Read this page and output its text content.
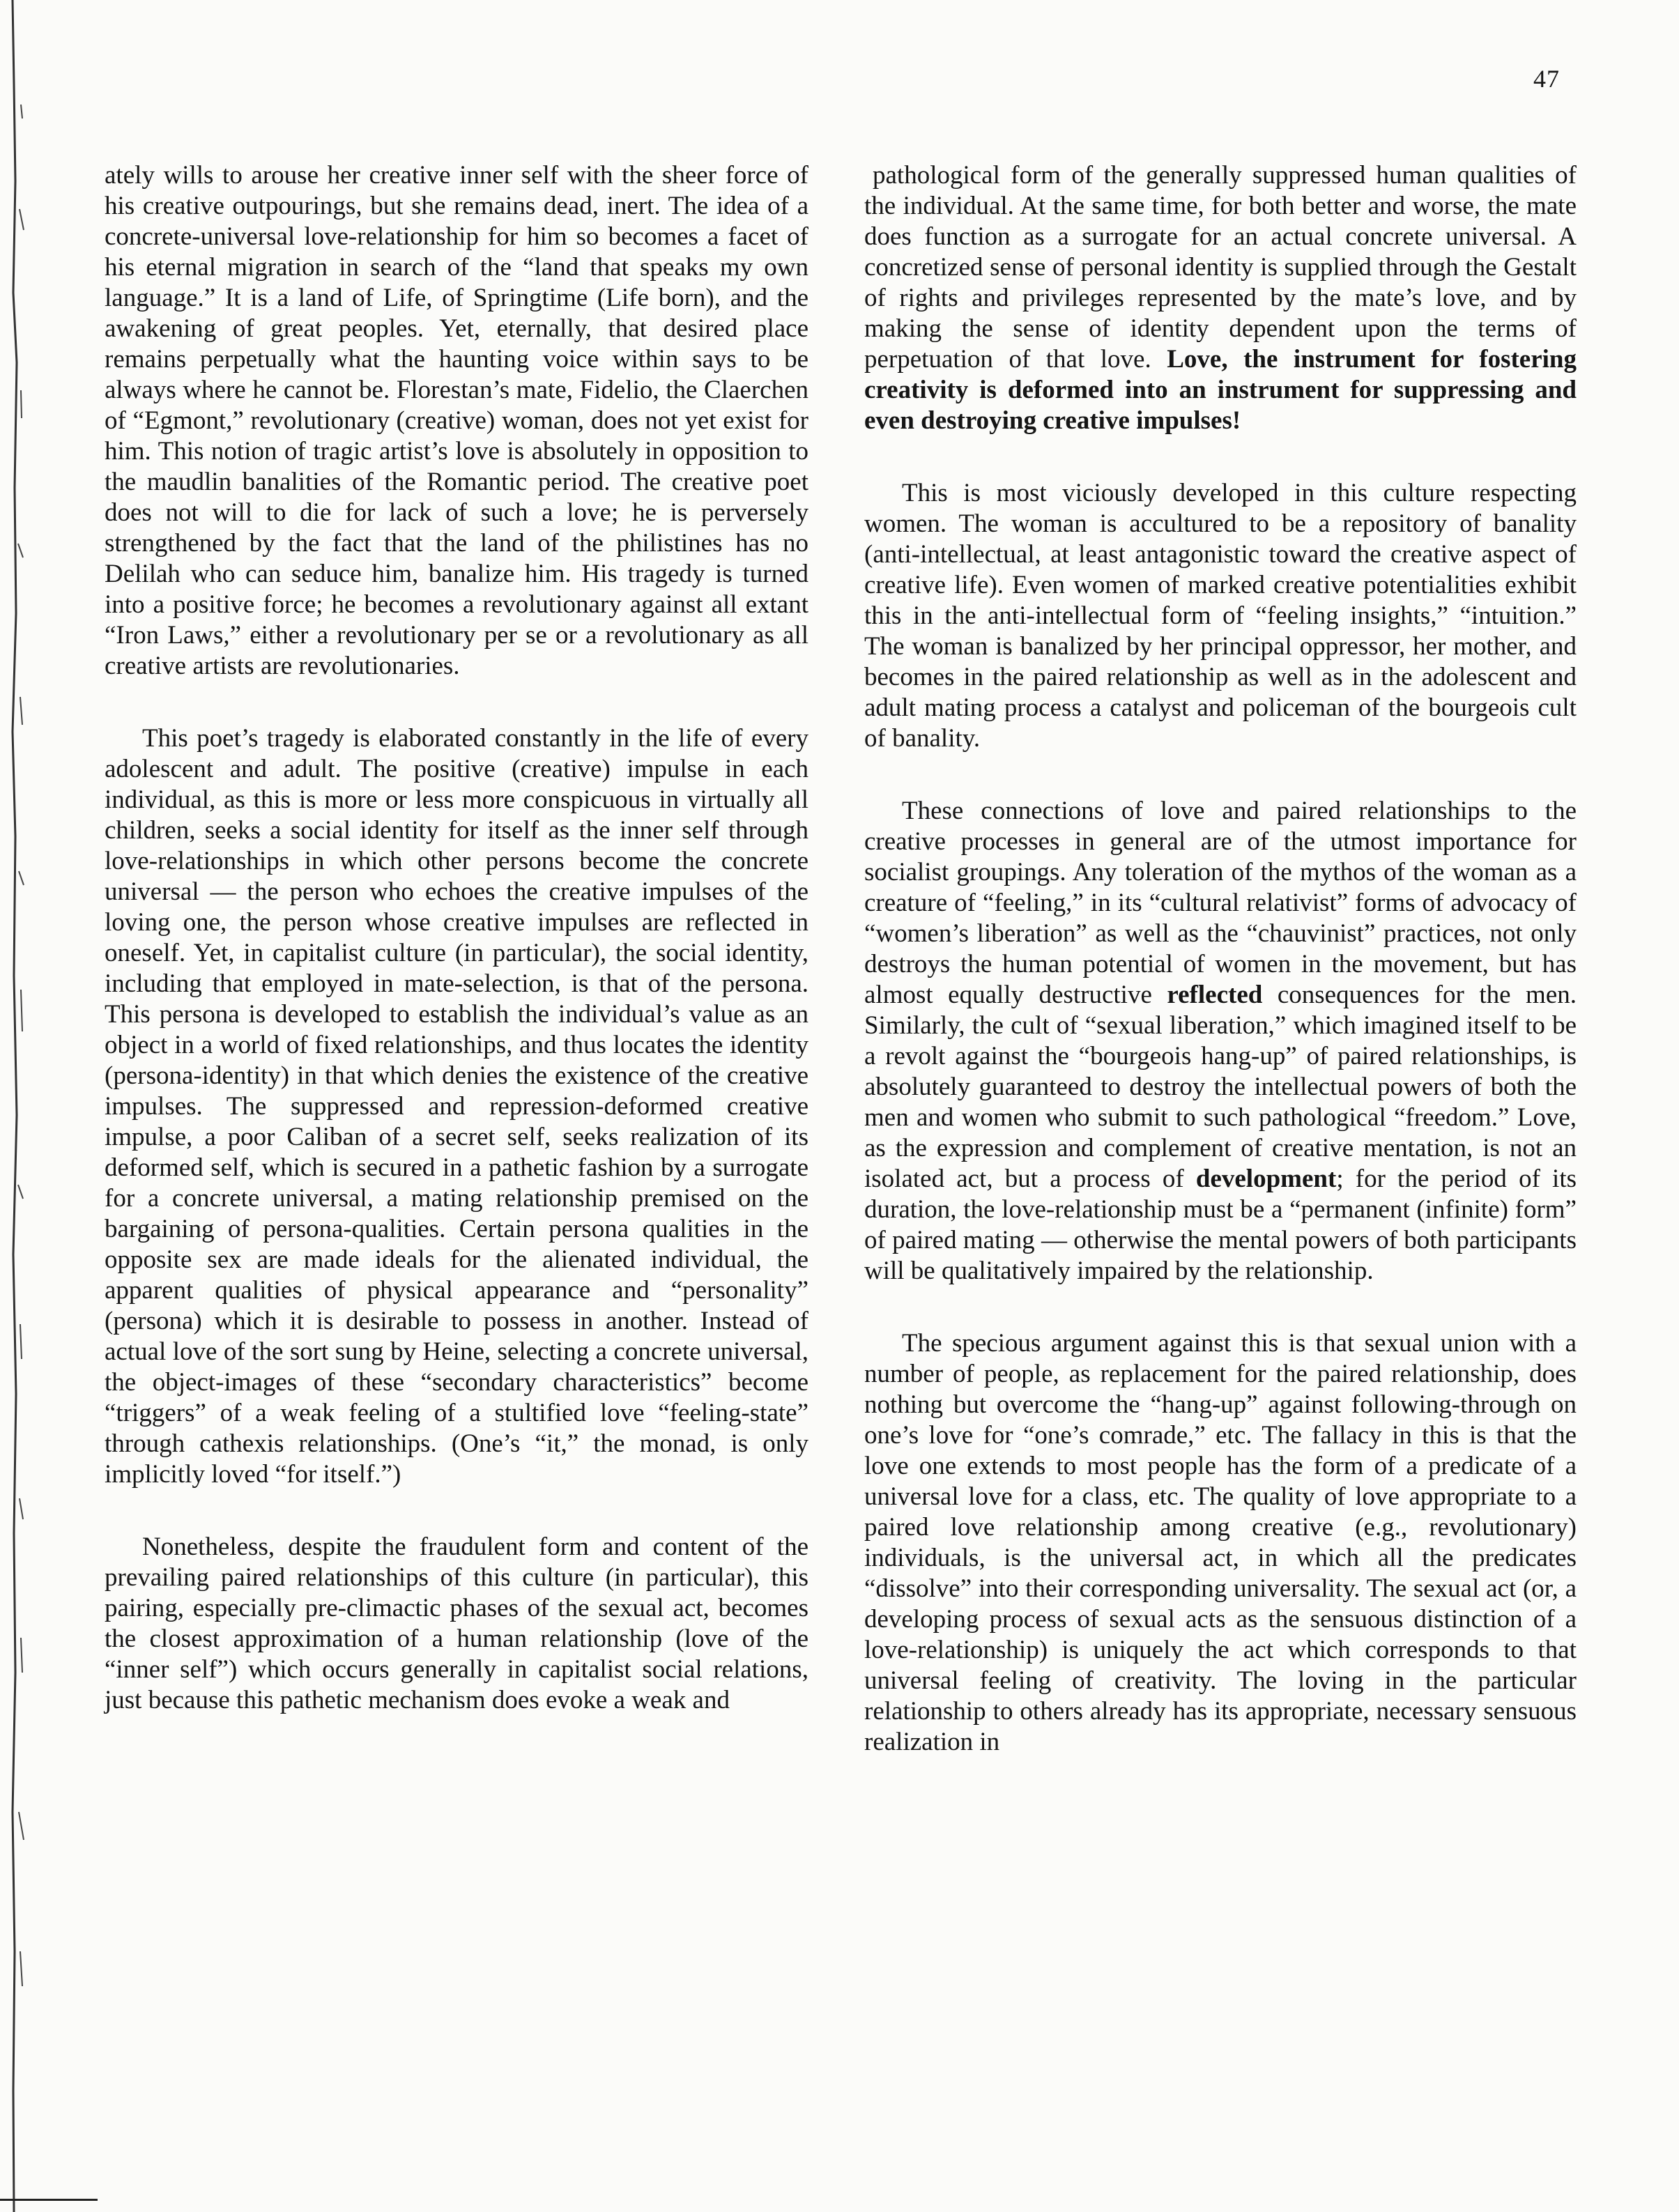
47

ately wills to arouse her creative inner self with the sheer force of his creative outpourings, but she remains dead, inert. The idea of a concrete-universal love-relationship for him so becomes a facet of his eternal migration in search of the “land that speaks my own language.” It is a land of Life, of Springtime (Life born), and the awakening of great peoples. Yet, eternally, that desired place remains perpetually what the haunting voice within says to be always where he cannot be. Florestan’s mate, Fidelio, the Claerchen of “Egmont,” revolutionary (creative) woman, does not yet exist for him. This notion of tragic artist’s love is absolutely in opposition to the maudlin banalities of the Romantic period. The creative poet does not will to die for lack of such a love; he is perversely strengthened by the fact that the land of the philistines has no Delilah who can seduce him, banalize him. His tragedy is turned into a positive force; he becomes a revolutionary against all extant “Iron Laws,” either a revolutionary per se or a revolutionary as all creative artists are revolutionaries.

This poet’s tragedy is elaborated constantly in the life of every adolescent and adult. The positive (creative) impulse in each individual, as this is more or less more conspicuous in virtually all children, seeks a social identity for itself as the inner self through love-relationships in which other persons become the concrete universal — the person who echoes the creative impulses of the loving one, the person whose creative impulses are reflected in oneself. Yet, in capitalist culture (in particular), the social identity, including that employed in mate-selection, is that of the persona. This persona is developed to establish the individual’s value as an object in a world of fixed relationships, and thus locates the identity (persona-identity) in that which denies the existence of the creative impulses. The suppressed and repression-deformed creative impulse, a poor Caliban of a secret self, seeks realization of its deformed self, which is secured in a pathetic fashion by a surrogate for a concrete universal, a mating relationship premised on the bargaining of persona-qualities. Certain persona qualities in the opposite sex are made ideals for the alienated individual, the apparent qualities of physical appearance and “personality” (persona) which it is desirable to possess in another. Instead of actual love of the sort sung by Heine, selecting a concrete universal, the object-images of these “secondary characteristics” become “triggers” of a weak feeling of a stultified love “feeling-state” through cathexis relationships. (One’s “it,” the monad, is only implicitly loved “for itself.”)

Nonetheless, despite the fraudulent form and content of the prevailing paired relationships of this culture (in particular), this pairing, especially pre-climactic phases of the sexual act, becomes the closest approximation of a human relationship (love of the “inner self”) which occurs generally in capitalist social relations, just because this pathetic mechanism does evoke a weak and

pathological form of the generally suppressed human qualities of the individual. At the same time, for both better and worse, the mate does function as a surrogate for an actual concrete universal. A concretized sense of personal identity is supplied through the Gestalt of rights and privileges represented by the mate’s love, and by making the sense of identity dependent upon the terms of perpetuation of that love. Love, the instrument for fostering creativity is deformed into an instrument for suppressing and even destroying creative impulses!

This is most viciously developed in this culture respecting women. The woman is accultured to be a repository of banality (anti-intellectual, at least antagonistic toward the creative aspect of creative life). Even women of marked creative potentialities exhibit this in the anti-intellectual form of “feeling insights,” “intuition.” The woman is banalized by her principal oppressor, her mother, and becomes in the paired relationship as well as in the adolescent and adult mating process a catalyst and policeman of the bourgeois cult of banality.

These connections of love and paired relationships to the creative processes in general are of the utmost importance for socialist groupings. Any toleration of the mythos of the woman as a creature of “feeling,” in its “cultural relativist” forms of advocacy of “women’s liberation” as well as the “chauvinist” practices, not only destroys the human potential of women in the movement, but has almost equally destructive reflected consequences for the men. Similarly, the cult of “sexual liberation,” which imagined itself to be a revolt against the “bourgeois hang-up” of paired relationships, is absolutely guaranteed to destroy the intellectual powers of both the men and women who submit to such pathological “freedom.” Love, as the expression and complement of creative mentation, is not an isolated act, but a process of development; for the period of its duration, the love-relationship must be a “permanent (infinite) form” of paired mating — otherwise the mental powers of both participants will be qualitatively impaired by the relationship.

The specious argument against this is that sexual union with a number of people, as replacement for the paired relationship, does nothing but overcome the “hang-up” against following-through on one’s love for “one’s comrade,” etc. The fallacy in this is that the love one extends to most people has the form of a predicate of a universal love for a class, etc. The quality of love appropriate to a paired love relationship among creative (e.g., revolutionary) individuals, is the universal act, in which all the predicates “dissolve” into their corresponding universality. The sexual act (or, a developing process of sexual acts as the sensuous distinction of a love-relationship) is uniquely the act which corresponds to that universal feeling of creativity. The loving in the particular relationship to others already has its appropriate, necessary sensuous realization in
